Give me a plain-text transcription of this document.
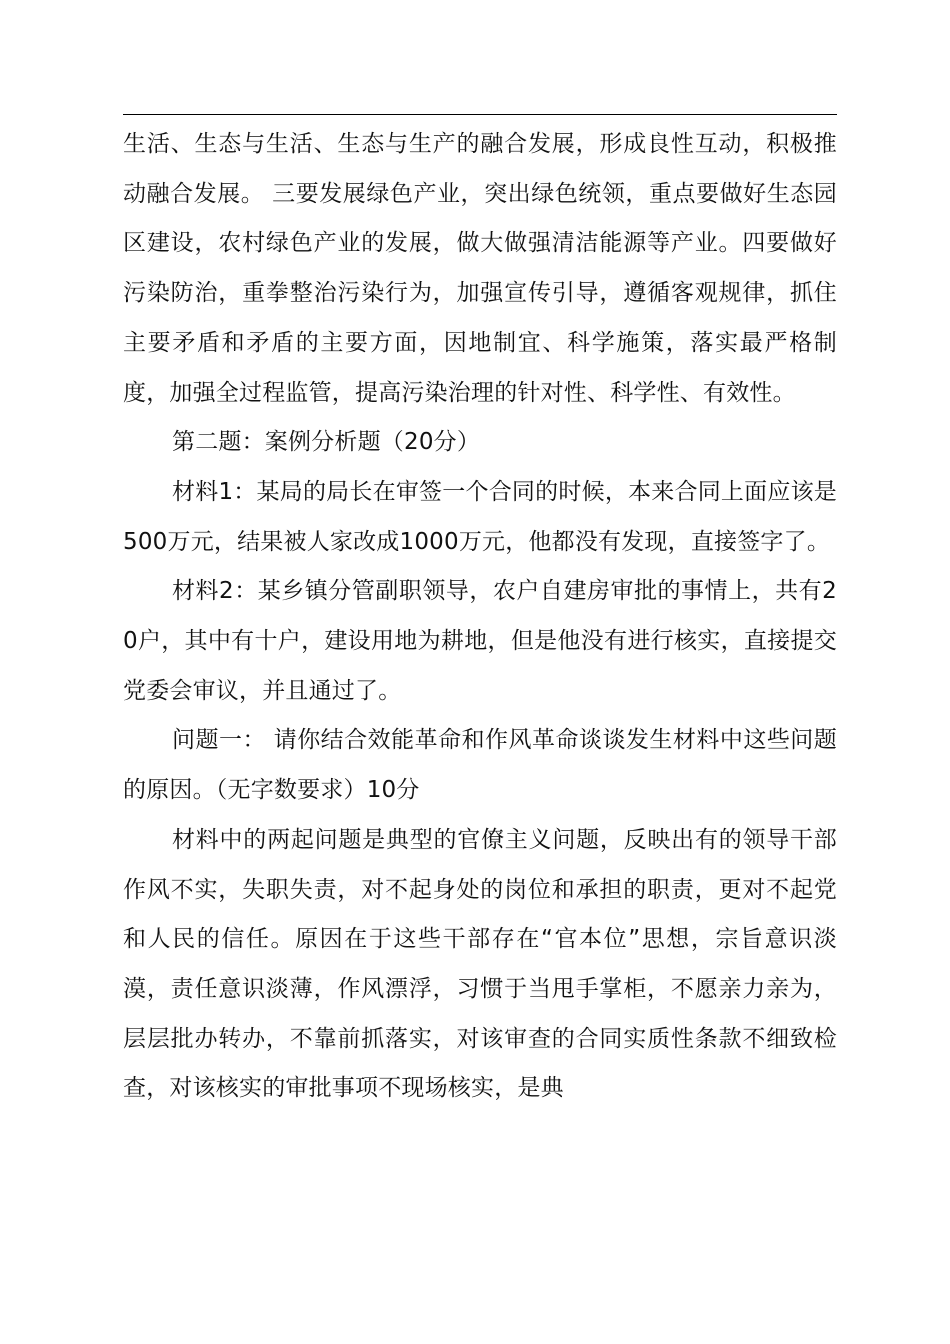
生活、生态与生活、生态与生产的融合发展，形成良性互动，积极推动融合发展。 三要发展绿色产业，突出绿色统领，重点要做好生态园区建设，农村绿色产业的发展，做大做强清洁能源等产业。四要做好污染防治，重拳整治污染行为，加强宣传引导，遵循客观规律，抓住主要矛盾和矛盾的主要方面，因地制宜、科学施策，落实最严格制度，加强全过程监管，提高污染治理的针对性、科学性、有效性。

第二题：案例分析题（20分）

材料1：某局的局长在审签一个合同的时候，本来合同上面应该是500万元，结果被人家改成1000万元，他都没有发现，直接签字了。

材料2：某乡镇分管副职领导，农户自建房审批的事情上，共有20户，其中有十户，建设用地为耕地，但是他没有进行核实，直接提交党委会审议，并且通过了。

问题一： 请你结合效能革命和作风革命谈谈发生材料中这些问题的原因。（无字数要求）10分

材料中的两起问题是典型的官僚主义问题，反映出有的领导干部作风不实，失职失责，对不起身处的岗位和承担的职责，更对不起党和人民的信任。原因在于这些干部存在“官本位”思想，宗旨意识淡漠，责任意识淡薄，作风漂浮，习惯于当甩手掌柜，不愿亲力亲为，层层批办转办，不靠前抓落实，对该审查的合同实质性条款不细致检查，对该核实的审批事项不现场核实，是典
